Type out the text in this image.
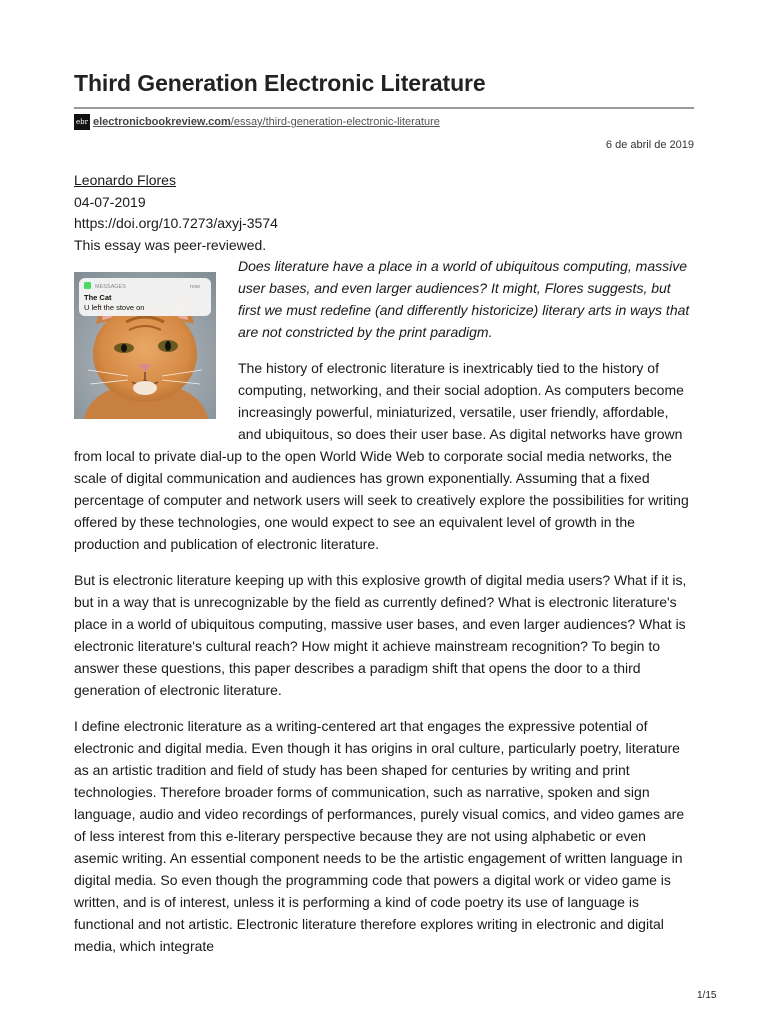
Third Generation Electronic Literature
ebr electronicbookreview.com/essay/third-generation-electronic-literature
6 de abril de 2019
Leonardo Flores
04-07-2019
https://doi.org/10.7273/axyj-3574
This essay was peer-reviewed.
MESSAGES	now
The Cat
U left the stove on

Does literature have a place in a world of ubiquitous computing, massive user bases, and even larger audiences? It might, Flores suggests, but first we must redefine (and differently historicize) literary arts in ways that are not constricted by the print paradigm.

The history of electronic literature is inextricably tied to the history of computing, networking, and their social adoption. As computers become increasingly powerful, miniaturized, versatile, user friendly, affordable, and ubiquitous, so does their user base. As digital networks have grown from local to private dial-up to the open World Wide Web to corporate social media networks, the scale of digital communication and audiences has grown exponentially. Assuming that a fixed percentage of computer and network users will seek to creatively explore the possibilities for writing offered by these technologies, one would expect to see an equivalent level of growth in the production and publication of electronic literature.

But is electronic literature keeping up with this explosive growth of digital media users? What if it is, but in a way that is unrecognizable by the field as currently defined? What is electronic literature's place in a world of ubiquitous computing, massive user bases, and even larger audiences? What is electronic literature's cultural reach? How might it achieve mainstream recognition? To begin to answer these questions, this paper describes a paradigm shift that opens the door to a third generation of electronic literature.

I define electronic literature as a writing-centered art that engages the expressive potential of electronic and digital media. Even though it has origins in oral culture, particularly poetry, literature as an artistic tradition and field of study has been shaped for centuries by writing and print technologies. Therefore broader forms of communication, such as narrative, spoken and sign language, audio and video recordings of performances, purely visual comics, and video games are of less interest from this e-literary perspective because they are not using alphabetic or even asemic writing. An essential component needs to be the artistic engagement of written language in digital media. So even though the programming code that powers a digital work or video game is written, and is of interest, unless it is performing a kind of code poetry its use of language is functional and not artistic. Electronic literature therefore explores writing in electronic and digital media, which integrate

1/15
